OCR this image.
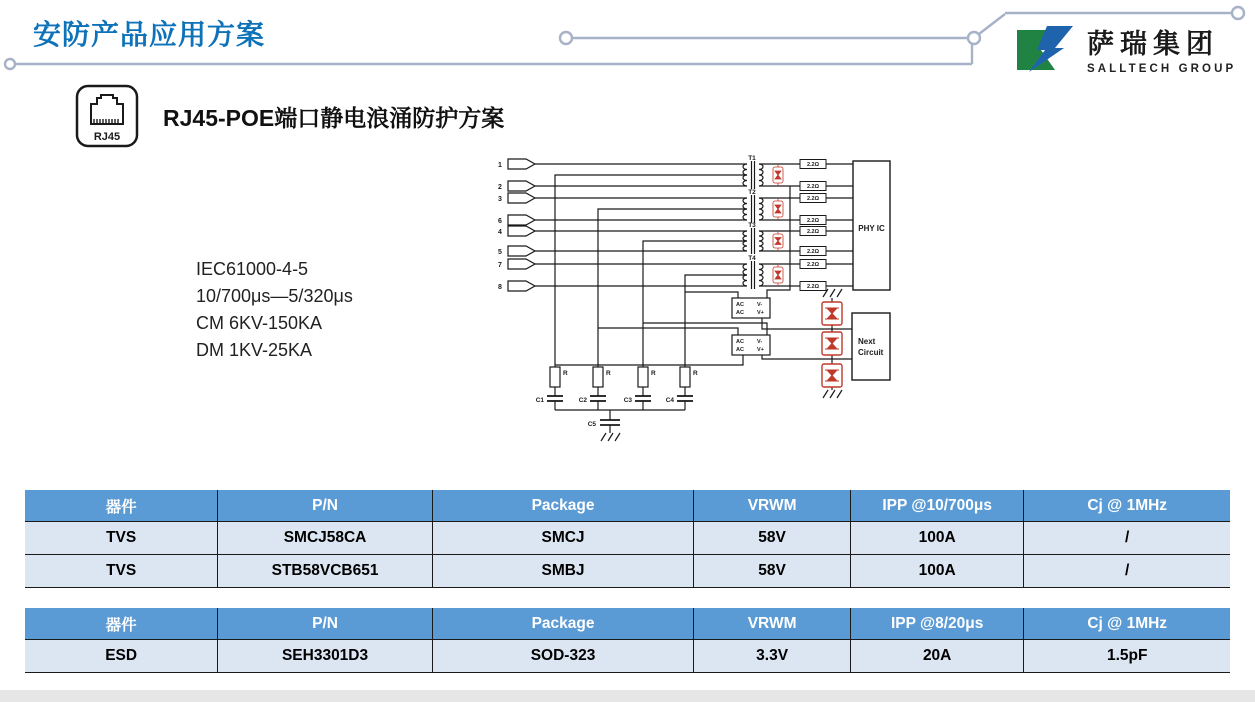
安防产品应用方案	萨瑞集团
SALLTECH GROUP
RJ45
RJ45-POE端口静电浪涌防护方案
IEC61000-4-5
10/700μs—5/320μs
CM 6KV-150KA
DM 1KV-25KA
1
2
3
6
4
5
7
8
T1
T2
T3
T4
2.2Ω
2.2Ω
2.2Ω
2.2Ω
2.2Ω
2.2Ω
2.2Ω
2.2Ω
PHY IC
AC
AC
V-
V+
AC
AC
V-
V+
Next
Circuit
R	R	R	R
C1	C2	C3	C4
C5
器件	P/N	Package	VRWM	IPP @10/700μs	Cj @ 1MHz
TVS	SMCJ58CA	SMCJ	58V	100A	/
TVS	STB58VCB651	SMBJ	58V	100A	/
器件	P/N	Package	VRWM	IPP @8/20μs	Cj @ 1MHz
ESD	SEH3301D3	SOD-323	3.3V	20A	1.5pF
